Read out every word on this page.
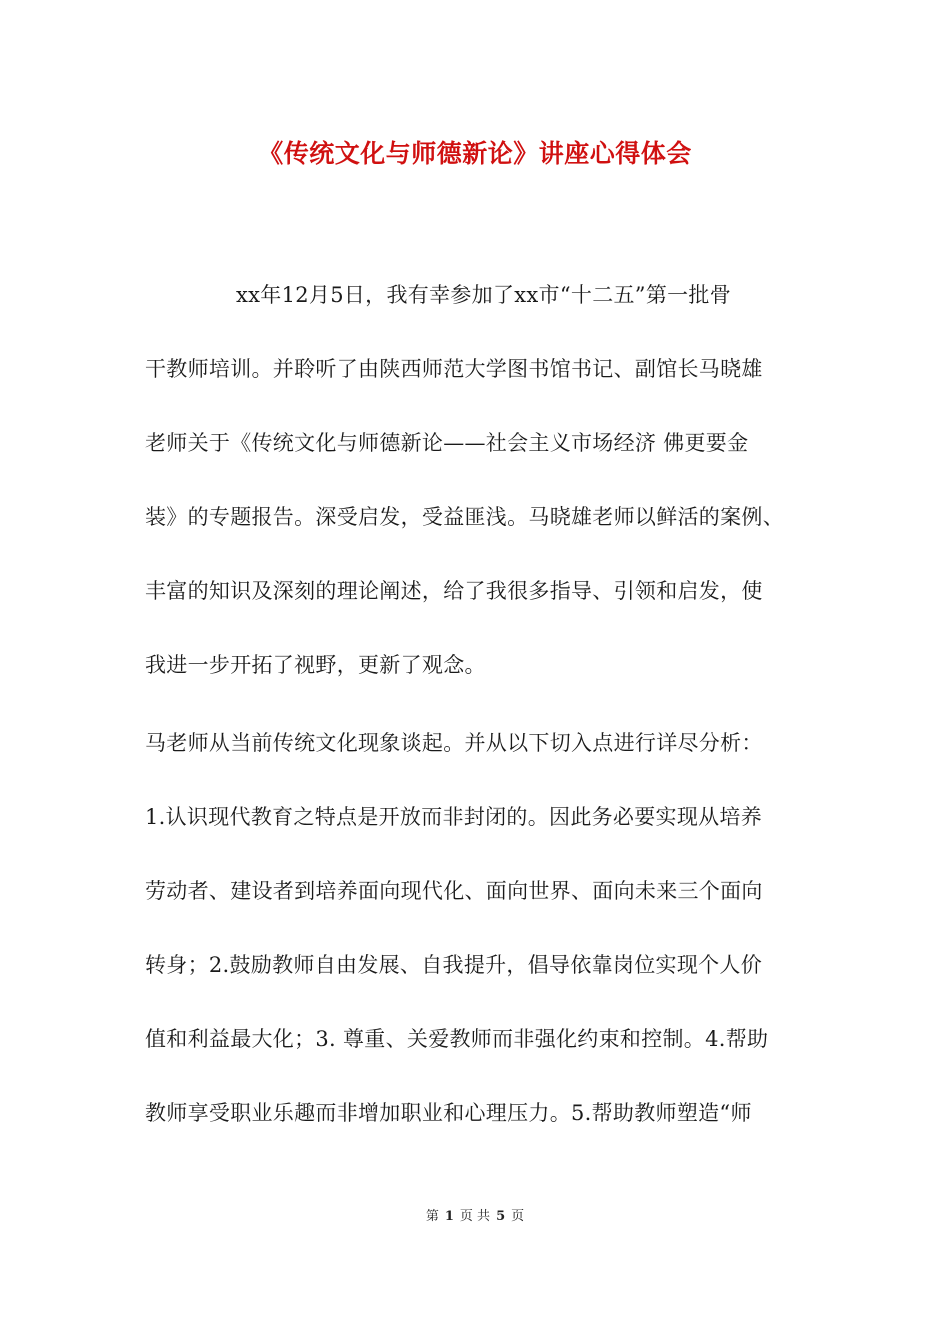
《传统文化与师德新论》讲座心得体会
xx年12月5日，我有幸参加了xx市“十二五”第一批骨
干教师培训。并聆听了由陕西师范大学图书馆书记、副馆长马晓雄
老师关于《传统文化与师德新论——社会主义市场经济 佛更要金
装》的专题报告。深受启发，受益匪浅。马晓雄老师以鲜活的案例、
丰富的知识及深刻的理论阐述，给了我很多指导、引领和启发，使
我进一步开拓了视野，更新了观念。
马老师从当前传统文化现象谈起。并从以下切入点进行详尽分析：
1.认识现代教育之特点是开放而非封闭的。因此务必要实现从培养
劳动者、建设者到培养面向现代化、面向世界、面向未来三个面向
转身；2.鼓励教师自由发展、自我提升，倡导依靠岗位实现个人价
值和利益最大化；3. 尊重、关爱教师而非强化约束和控制。4.帮助
教师享受职业乐趣而非增加职业和心理压力。5.帮助教师塑造“师
第 1 页 共 5 页
